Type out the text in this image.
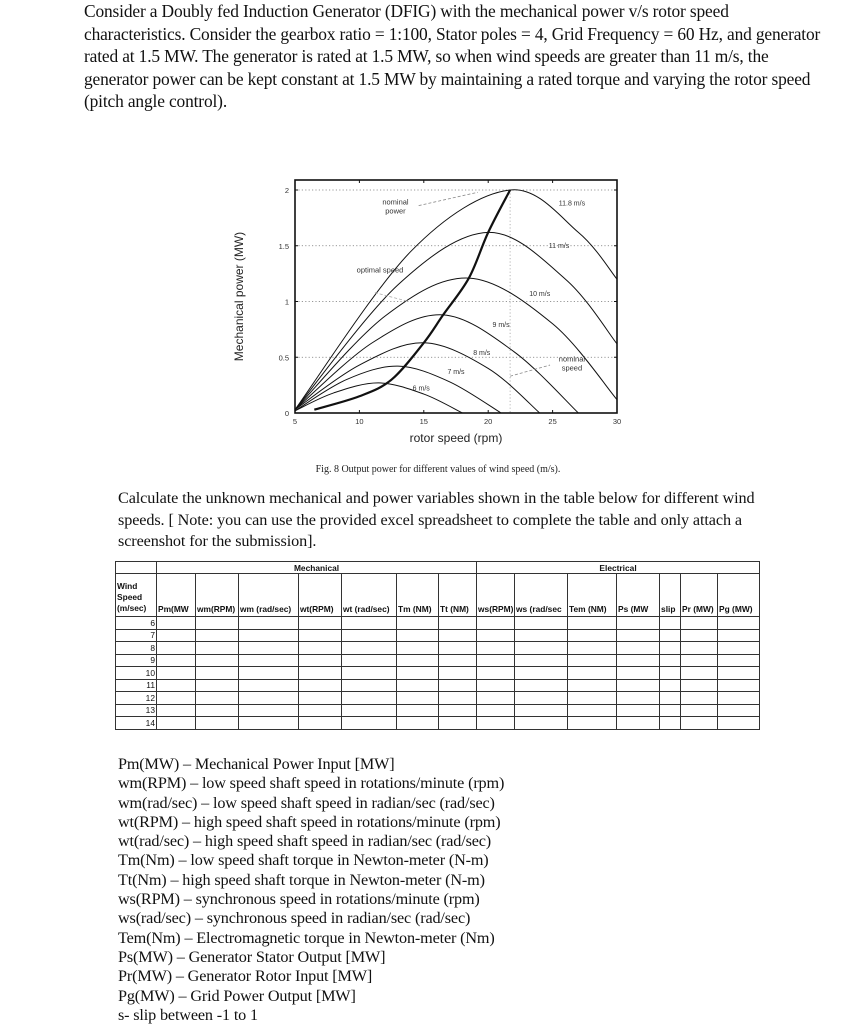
Consider a Doubly fed Induction Generator (DFIG) with the mechanical power v/s rotor speed characteristics. Consider the gearbox ratio = 1:100, Stator poles = 4, Grid Frequency = 60 Hz, and generator rated at 1.5 MW. The generator is rated at 1.5 MW, so when wind speeds are greater than 11 m/s, the generator power can be kept constant at 1.5 MW by maintaining a rated torque and varying the rotor speed (pitch angle control).

6 m/s
7 m/s
8 m/s
9 m/s
10 m/s
11 m/s
11.8 m/s
5	10	15	20	25	30
0
0.5
1
1.5
2
rotor speed (rpm)
Mechanical power (MW)
nominal
power
optimal speed
nominal
speed
Fig. 8 Output power for different values of wind speed (m/s).

Calculate the unknown mechanical and power variables shown in the table below for different wind speeds. [ Note: you can use the provided excel spreadsheet to complete the table and only attach a screenshot for the submission].

	Mechanical							Electrical						
Wind Speed (m/sec)	Pm(MW	wm(RPM)	wm (rad/sec)	wt(RPM)	wt (rad/sec)	Tm (NM)	Tt (NM)	ws(RPM)	ws (rad/sec	Tem (NM)	Ps (MW	slip	Pr (MW)	Pg (MW)
6														
7														
8														
9														
10														
11														
12														
13														
14														
Pm(MW) – Mechanical Power Input [MW]
wm(RPM) – low speed shaft speed in rotations/minute (rpm)
wm(rad/sec) – low speed shaft speed in radian/sec (rad/sec)
wt(RPM) – high speed shaft speed in rotations/minute (rpm)
wt(rad/sec) – high speed shaft speed in radian/sec (rad/sec)
Tm(Nm) – low speed shaft torque in Newton-meter (N-m)
Tt(Nm) – high speed shaft torque in Newton-meter (N-m)
ws(RPM) – synchronous speed in rotations/minute (rpm)
ws(rad/sec) – synchronous speed in radian/sec (rad/sec)
Tem(Nm) – Electromagnetic torque in Newton-meter (Nm)
Ps(MW) – Generator Stator Output [MW]
Pr(MW) – Generator Rotor Input [MW]
Pg(MW) – Grid Power Output [MW]
s- slip between -1 to 1
